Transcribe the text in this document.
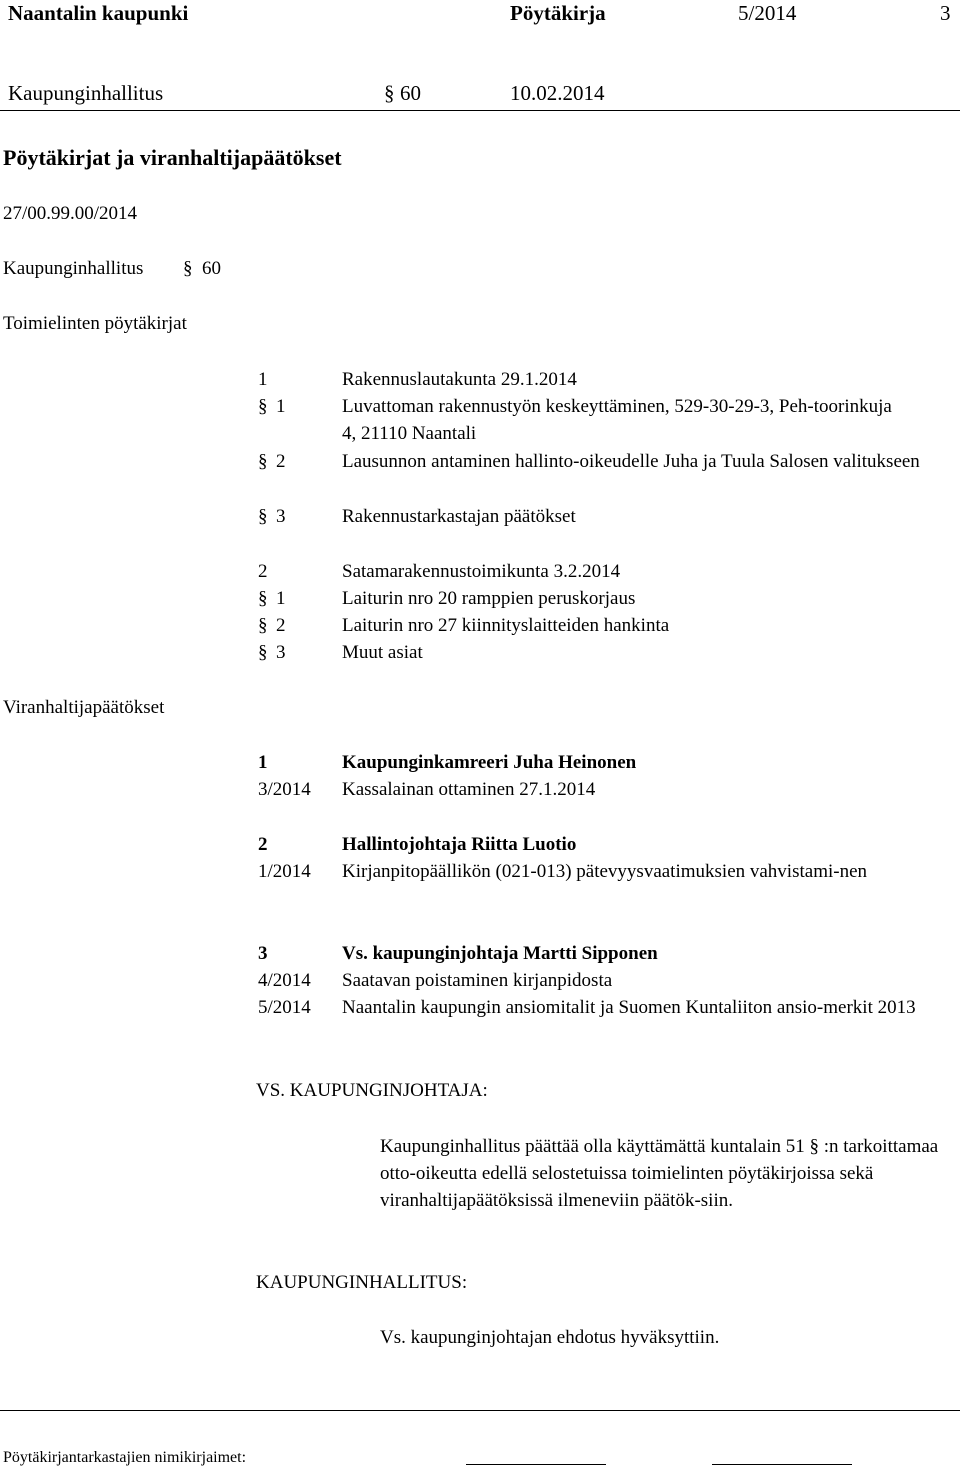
Naantalin kaupunki	Pöytäkirja	5/2014	3
Kaupunginhallitus	§ 60	10.02.2014
Pöytäkirjat ja viranhaltijapäätökset
27/00.99.00/2014
Kaupunginhallitus § 60
Toimielinten pöytäkirjat
1	Rakennuslautakunta 29.1.2014
§ 1	Luvattoman rakennustyön keskeyttäminen, 529-30-29-3, Peh-toorinkuja 4, 21110 Naantali
§ 2	Lausunnon antaminen hallinto-oikeudelle Juha ja Tuula Salosen valitukseen
§ 3	Rakennustarkastajan päätökset
2	Satamarakennustoimikunta 3.2.2014
§ 1	Laiturin nro 20 ramppien peruskorjaus
§ 2	Laiturin nro 27 kiinnityslaitteiden hankinta
§ 3	Muut asiat
Viranhaltijapäätökset
1	Kaupunginkamreeri Juha Heinonen
3/2014 Kassalainan ottaminen 27.1.2014
2	Hallintojohtaja Riitta Luotio
1/2014 Kirjanpitopäällikön (021-013) pätevyysvaatimuksien vahvistami-nen
3	Vs. kaupunginjohtaja Martti Sipponen
4/2014 Saatavan poistaminen kirjanpidosta
5/2014 Naantalin kaupungin ansiomitalit ja Suomen Kuntaliiton ansio-merkit 2013
VS. KAUPUNGINJOHTAJA:
Kaupunginhallitus päättää olla käyttämättä kuntalain 51 § :n tarkoittamaa otto-oikeutta edellä selostetuissa toimielinten pöytäkirjoissa sekä viranhaltijapäätöksissä ilmeneviin päätök-siin.
KAUPUNGINHALLITUS:
Vs. kaupunginjohtajan ehdotus hyväksyttiin.
Pöytäkirjantarkastajien nimikirjaimet:
